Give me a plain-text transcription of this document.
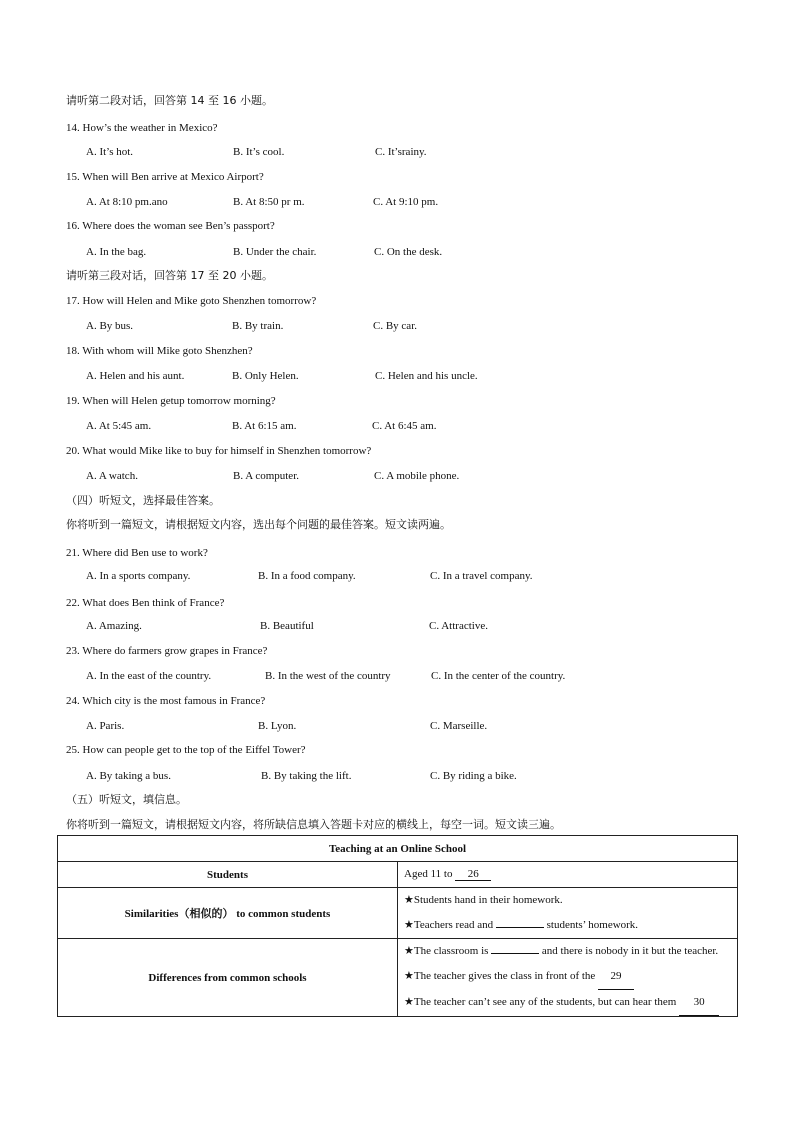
请听第二段对话，回答第 14 至 16 小题。
14. How’s the weather in Mexico?
A. It’s hot.	B. It’s cool.	C. It’srainy.
15. When will Ben arrive at Mexico Airport?
A. At 8:10 pm.ano	B. At 8:50 pr m.	C. At 9:10 pm.
16. Where does the woman see Ben’s passport?
A. In the bag.	B. Under the chair.	C. On the desk.
请听第三段对话，回答第 17 至 20 小题。
17. How will Helen and Mike goto Shenzhen tomorrow?
A. By bus.	B. By train.	C. By car.
18. With whom will Mike goto Shenzhen?
A. Helen and his aunt.	B. Only Helen.	C. Helen and his uncle.
19. When will Helen getup tomorrow morning?
A. At 5:45 am.	B. At 6:15 am.	C. At 6:45 am.
20. What would Mike like to buy for himself in Shenzhen tomorrow?
A. A watch.	B. A computer.	C. A mobile phone.
（四）听短文，选择最佳答案。
你将听到一篇短文，请根据短文内容，选出每个问题的最佳答案。短文读两遍。
21. Where did Ben use to work?
A. In a sports company.	B. In a food company.	C. In a travel company.
22. What does Ben think of France?
A. Amazing.	B. Beautiful	C. Attractive.
23. Where do farmers grow grapes in France?
A. In the east of the country.	B. In the west of the country	C. In the center of the country.
24. Which city is the most famous in France?
A. Paris.	B. Lyon.	C. Marseille.
25. How can people get to the top of the Eiffel Tower?
A. By taking a bus.	B. By taking the lift.	C. By riding a bike.
（五）听短文，填信息。
你将听到一篇短文，请根据短文内容，将所缺信息填入答题卡对应的横线上，每空一词。短文读三遍。
Teaching at an Online School	
Students	Aged 11 to 26
Similarities（相似的） to common students	★Students hand in their homework.
★Teachers read and students’ homework.

Differences from common schools	★The classroom is and there is nobody in it but the teacher.
★The teacher gives the class in front of the 29
★The teacher can’t see any of the students, but can hear them 30
